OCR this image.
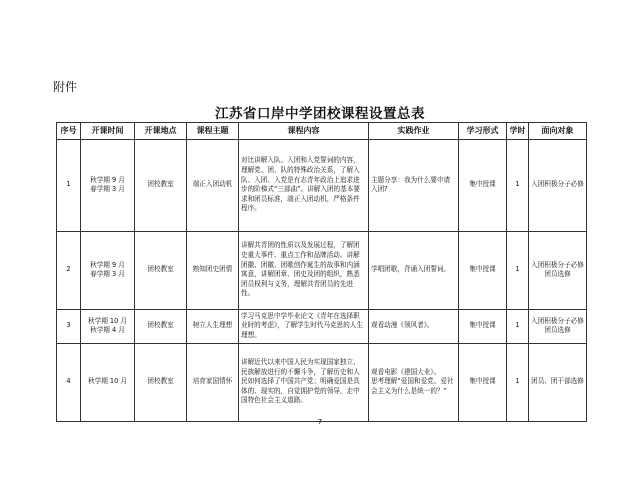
附件
江苏省口岸中学团校课程设置总表
序号	开课时间	开课地点	课程主题	课程内容	实践作业	学习形式	学时	面向对象
1	秋学期 9 月
春学期 3 月	团校教室	端正入团动机	对比讲解入队、入团和入党誓词的内容，理解党、团、队的特殊政治关系，了解入队、入团、入党是有志青年政治上追求进步的阶梯式“三部曲”。讲解入团的基本要求和团员标准，端正入团动机，严格条件程序。	主题分享：我为什么要申请入团?	集中授课	1	入团积极分子必修
2	秋学期 9 月
春学期 3 月	团校教室	熟知团史团情	讲解共青团的性质以及发展过程，了解团史重大事件、重点工作和品牌活动。讲解团徽、团徽、团歌创作诞生的故事和内涵寓意，讲解团章、团史及团的组织，熟悉团员权利与义务，理解共青团员的先进性。	学唱团歌，背诵入团誓词。	集中授课	1	入团积极分子必修团员选修
3	秋学期 10 月
秋学期 4 月	团校教室	树立人生理想	学习马克思中学毕业论文《青年在选择职业时的考虑》，了解学生时代马克思的人生理想。	观看动漫《领风者》。	集中授课	1	入团积极分子必修团员选修
4	秋学期 10 月	团校教室	培育家国情怀	讲解近代以来中国人民为实现国家独立、民族解放进行的不懈斗争，了解历史和人民如何选择了中国共产党；明确爱国是具体的、现实的，自觉拥护党的领导，走中国特色社会主义道路。	观看电影《建国大业》。
思考理解“爱国和爱党、爱社会主义为什么是统一的？”	集中授课	1	团员、团干部选修
7
